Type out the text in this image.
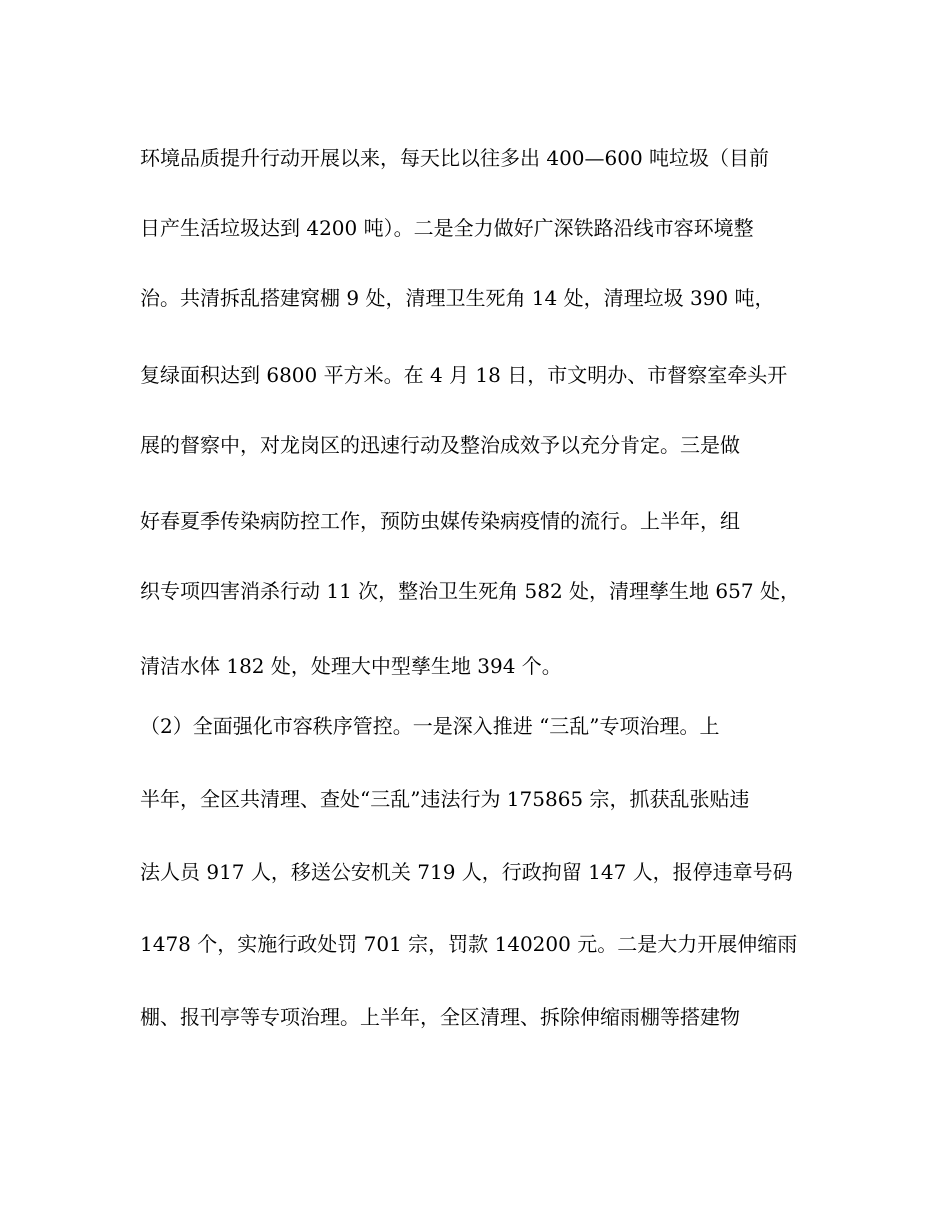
环境品质提升行动开展以来，每天比以往多出 400—600 吨垃圾（目前
日产生活垃圾达到 4200 吨）。二是全力做好广深铁路沿线市容环境整
治。共清拆乱搭建窝棚 9 处，清理卫生死角 14 处，清理垃圾 390 吨，
复绿面积达到 6800 平方米。在 4 月 18 日，市文明办、市督察室牵头开
展的督察中，对龙岗区的迅速行动及整治成效予以充分肯定。三是做
好春夏季传染病防控工作，预防虫媒传染病疫情的流行。上半年，组
织专项四害消杀行动 11 次，整治卫生死角 582 处，清理孳生地 657 处，
清洁水体 182 处，处理大中型孳生地 394 个。
（2）全面强化市容秩序管控。一是深入推进 “三乱”专项治理。上
半年，全区共清理、查处“三乱”违法行为 175865 宗，抓获乱张贴违
法人员 917 人，移送公安机关 719 人，行政拘留 147 人，报停违章号码
1478 个，实施行政处罚 701 宗，罚款 140200 元。二是大力开展伸缩雨
棚、报刊亭等专项治理。上半年，全区清理、拆除伸缩雨棚等搭建物
